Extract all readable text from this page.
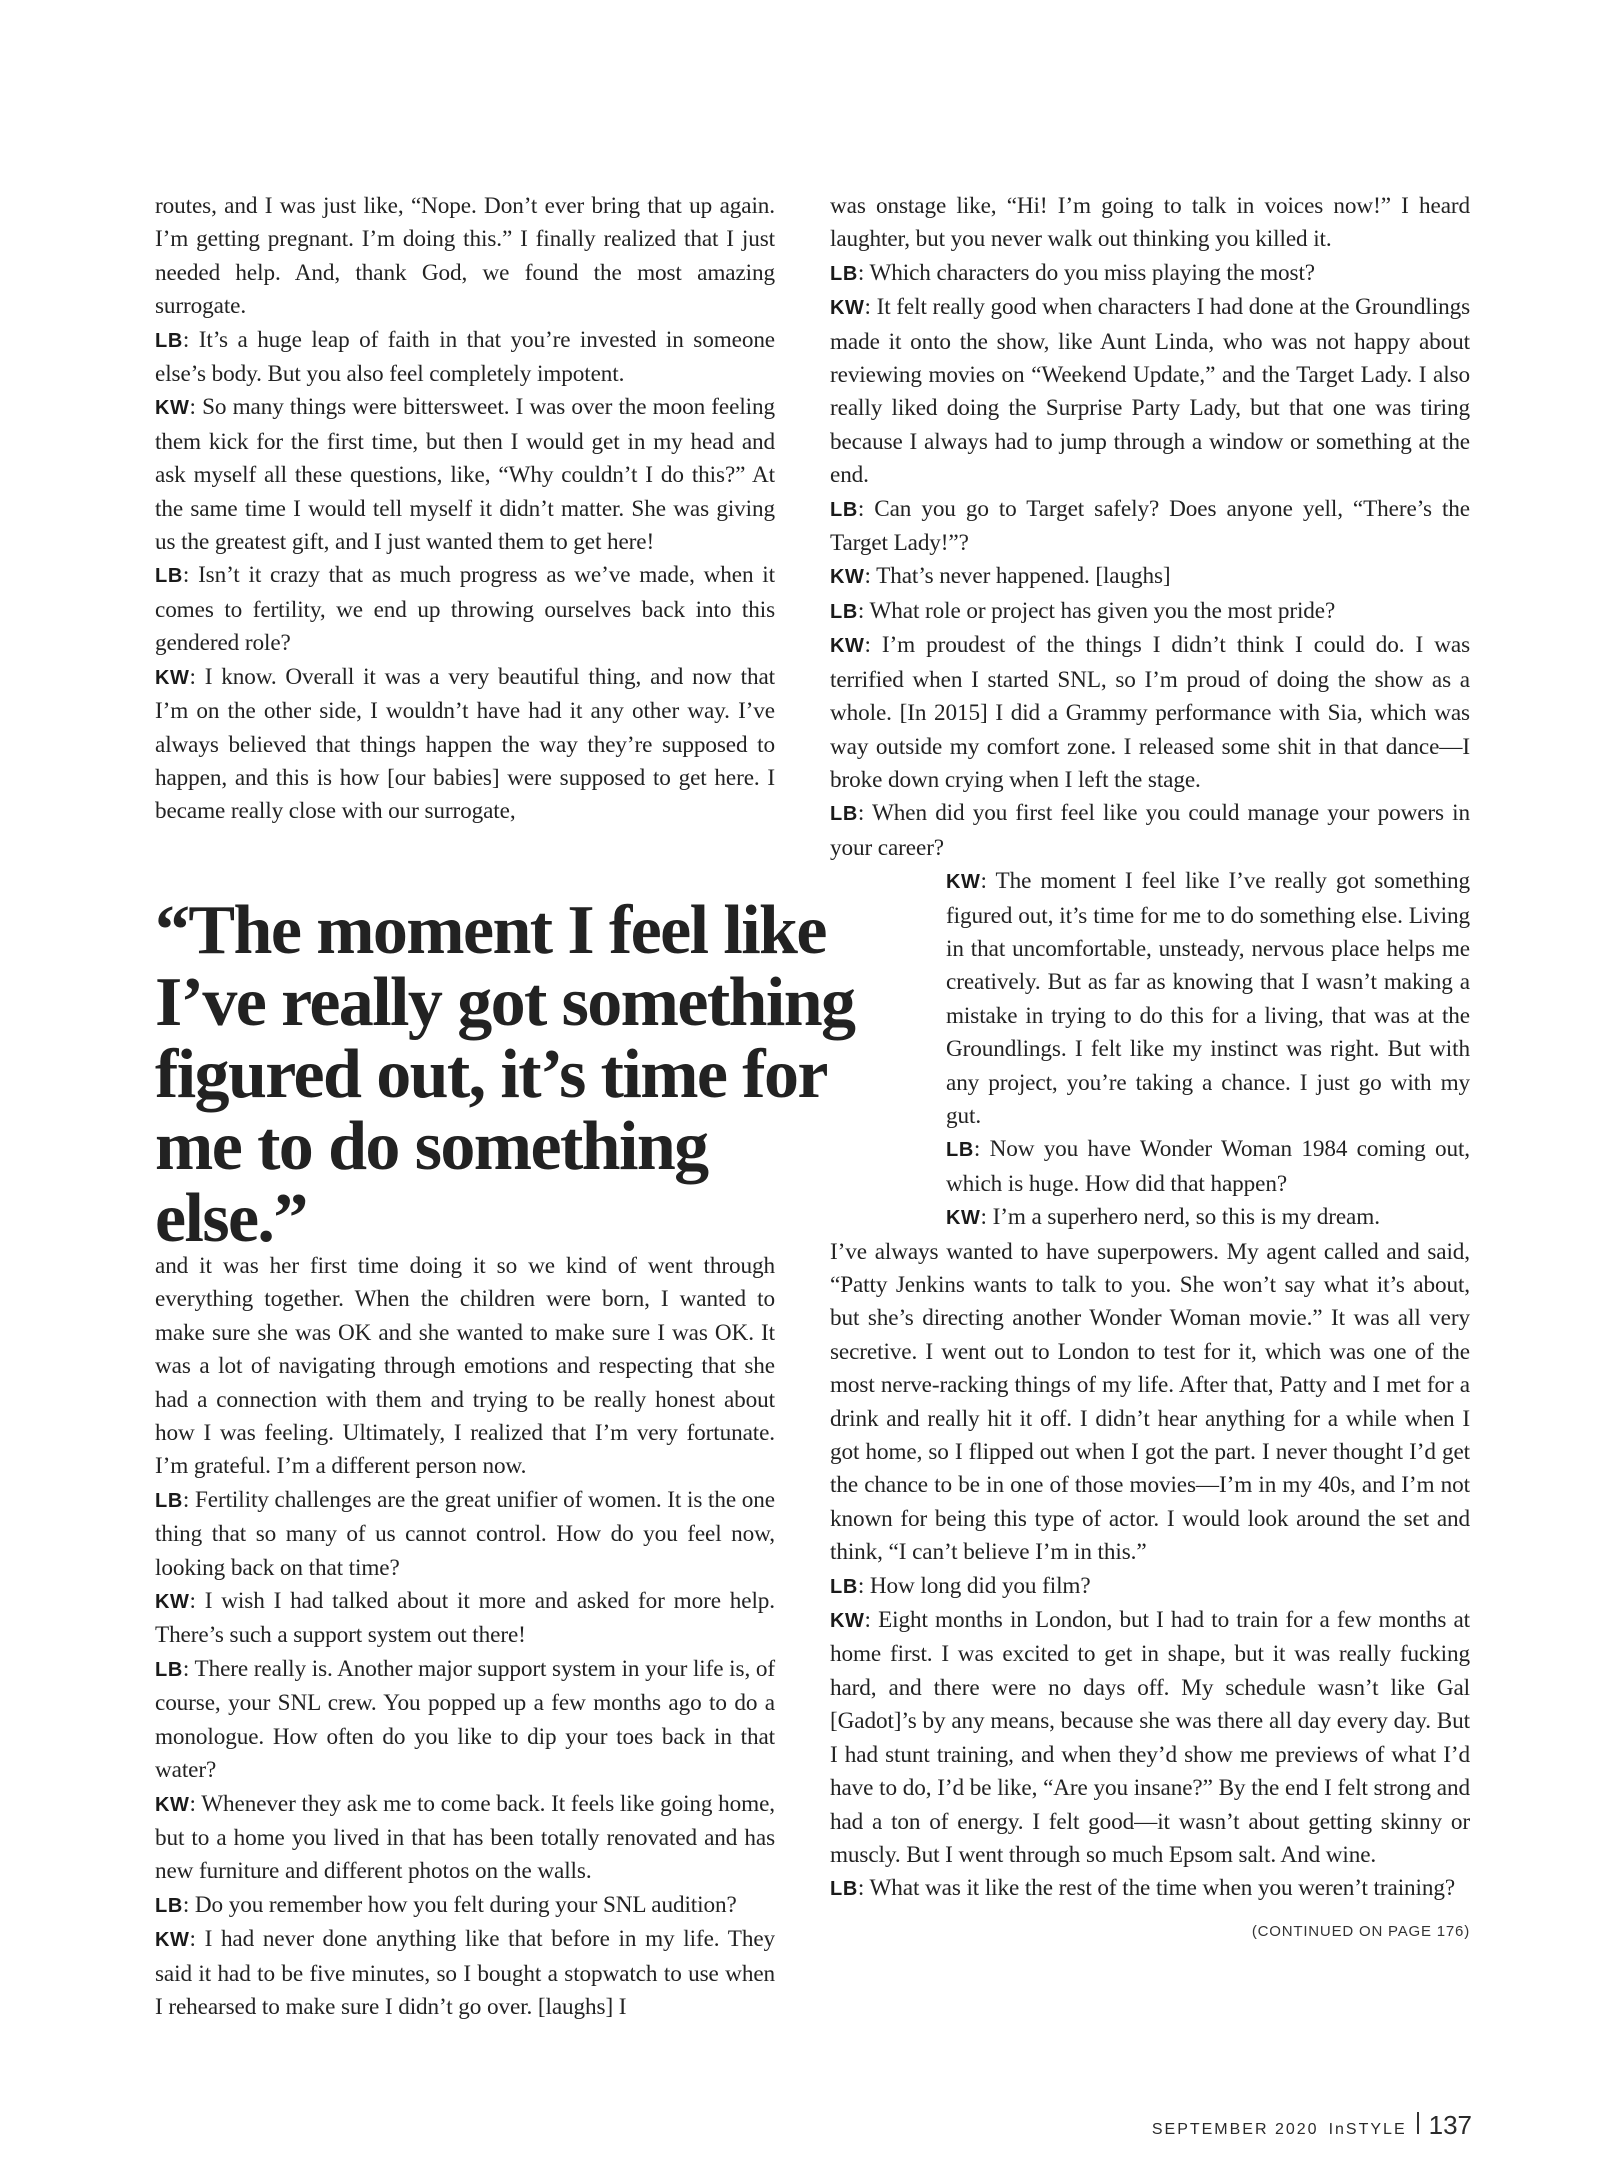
routes, and I was just like, “Nope. Don’t ever bring that up again. I’m getting pregnant. I’m doing this.” I finally realized that I just needed help. And, thank God, we found the most amazing surrogate.

LB: It’s a huge leap of faith in that you’re invested in someone else’s body. But you also feel completely impotent.

KW: So many things were bittersweet. I was over the moon feeling them kick for the first time, but then I would get in my head and ask myself all these questions, like, “Why couldn’t I do this?” At the same time I would tell myself it didn’t matter. She was giving us the greatest gift, and I just wanted them to get here!

LB: Isn’t it crazy that as much progress as we’ve made, when it comes to fertility, we end up throwing ourselves back into this gendered role?

KW: I know. Overall it was a very beautiful thing, and now that I’m on the other side, I wouldn’t have had it any other way. I’ve always believed that things happen the way they’re supposed to happen, and this is how [our babies] were supposed to get here. I became really close with our surrogate,

“The moment I feel like I’ve really got something figured out, it’s time for me to do something else.”

and it was her first time doing it so we kind of went through everything together. When the children were born, I wanted to make sure she was OK and she wanted to make sure I was OK. It was a lot of navigating through emotions and respecting that she had a connection with them and trying to be really honest about how I was feeling. Ultimately, I realized that I’m very fortunate. I’m grateful. I’m a different person now.

LB: Fertility challenges are the great unifier of women. It is the one thing that so many of us cannot control. How do you feel now, looking back on that time?

KW: I wish I had talked about it more and asked for more help. There’s such a support system out there!

LB: There really is. Another major support system in your life is, of course, your SNL crew. You popped up a few months ago to do a monologue. How often do you like to dip your toes back in that water?

KW: Whenever they ask me to come back. It feels like going home, but to a home you lived in that has been totally renovated and has new furniture and different photos on the walls.

LB: Do you remember how you felt during your SNL audition?

KW: I had never done anything like that before in my life. They said it had to be five minutes, so I bought a stopwatch to use when I rehearsed to make sure I didn’t go over. [laughs] I

was onstage like, “Hi! I’m going to talk in voices now!” I heard laughter, but you never walk out thinking you killed it.

LB: Which characters do you miss playing the most?

KW: It felt really good when characters I had done at the Groundlings made it onto the show, like Aunt Linda, who was not happy about reviewing movies on “Weekend Update,” and the Target Lady. I also really liked doing the Surprise Party Lady, but that one was tiring because I always had to jump through a window or something at the end.

LB: Can you go to Target safely? Does anyone yell, “There’s the Target Lady!”?

KW: That’s never happened. [laughs]

LB: What role or project has given you the most pride?

KW: I’m proudest of the things I didn’t think I could do. I was terrified when I started SNL, so I’m proud of doing the show as a whole. [In 2015] I did a Grammy performance with Sia, which was way outside my comfort zone. I released some shit in that dance—I broke down crying when I left the stage.

LB: When did you first feel like you could manage your powers in your career?

KW: The moment I feel like I’ve really got something figured out, it’s time for me to do something else. Living in that uncomfortable, unsteady, nervous place helps me creatively. But as far as knowing that I wasn’t making a mistake in trying to do this for a living, that was at the Groundlings. I felt like my instinct was right. But with any project, you’re taking a chance. I just go with my gut.

LB: Now you have Wonder Woman 1984 coming out, which is huge. How did that happen?

KW: I’m a superhero nerd, so this is my dream.

I’ve always wanted to have superpowers. My agent called and said, “Patty Jenkins wants to talk to you. She won’t say what it’s about, but she’s directing another Wonder Woman movie.” It was all very secretive. I went out to London to test for it, which was one of the most nerve-racking things of my life. After that, Patty and I met for a drink and really hit it off. I didn’t hear anything for a while when I got home, so I flipped out when I got the part. I never thought I’d get the chance to be in one of those movies—I’m in my 40s, and I’m not known for being this type of actor. I would look around the set and think, “I can’t believe I’m in this.”

LB: How long did you film?

KW: Eight months in London, but I had to train for a few months at home first. I was excited to get in shape, but it was really fucking hard, and there were no days off. My schedule wasn’t like Gal [Gadot]’s by any means, because she was there all day every day. But I had stunt training, and when they’d show me previews of what I’d have to do, I’d be like, “Are you insane?” By the end I felt strong and had a ton of energy. I felt good—it wasn’t about getting skinny or muscly. But I went through so much Epsom salt. And wine.

LB: What was it like the rest of the time when you weren’t training?

(CONTINUED ON PAGE 176)
SEPTEMBER 2020 InSTYLE 137
